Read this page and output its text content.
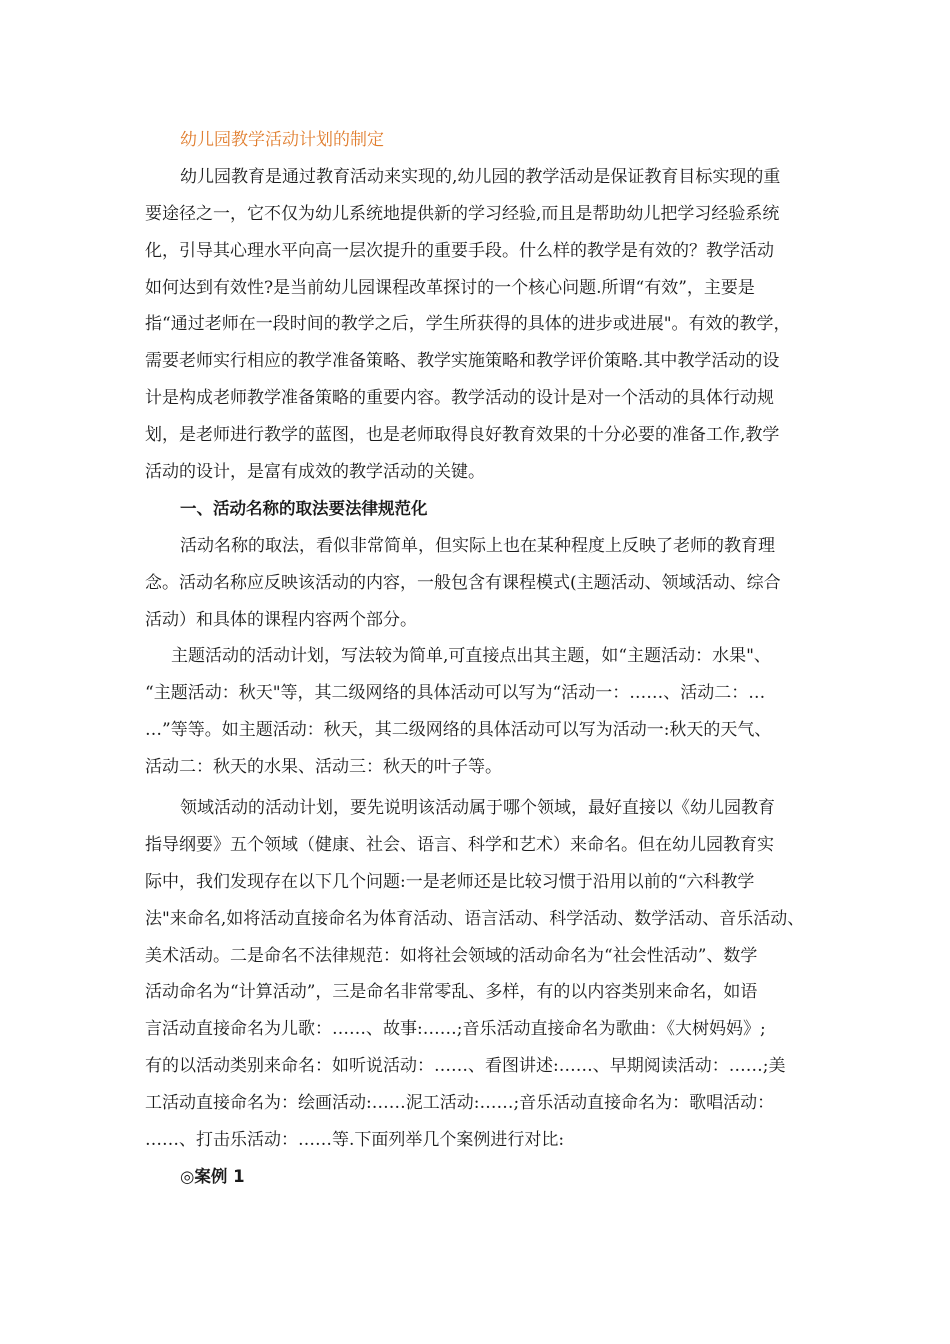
幼儿园教学活动计划的制定
幼儿园教育是通过教育活动来实现的,幼儿园的教学活动是保证教育目标实现的重
要途径之一，它不仅为幼儿系统地提供新的学习经验,而且是帮助幼儿把学习经验系统
化，引导其心理水平向高一层次提升的重要手段。什么样的教学是有效的？教学活动
如何达到有效性?是当前幼儿园课程改革探讨的一个核心问题.所谓“有效”，主要是
指“通过老师在一段时间的教学之后，学生所获得的具体的进步或进展"。有效的教学，
需要老师实行相应的教学准备策略、教学实施策略和教学评价策略.其中教学活动的设
计是构成老师教学准备策略的重要内容。教学活动的设计是对一个活动的具体行动规
划，是老师进行教学的蓝图，也是老师取得良好教育效果的十分必要的准备工作,教学
活动的设计，是富有成效的教学活动的关键。
一、活动名称的取法要法律规范化
活动名称的取法，看似非常简单，但实际上也在某种程度上反映了老师的教育理
念。活动名称应反映该活动的内容，一般包含有课程模式(主题活动、领域活动、综合
活动）和具体的课程内容两个部分。
主题活动的活动计划，写法较为简单,可直接点出其主题，如“主题活动：水果"、
“主题活动：秋天"等，其二级网络的具体活动可以写为“活动一：……、活动二：…
…”等等。如主题活动：秋天，其二级网络的具体活动可以写为活动一:秋天的天气、
活动二：秋天的水果、活动三：秋天的叶子等。
领域活动的活动计划，要先说明该活动属于哪个领域，最好直接以《幼儿园教育
指导纲要》五个领域（健康、社会、语言、科学和艺术）来命名。但在幼儿园教育实
际中，我们发现存在以下几个问题:一是老师还是比较习惯于沿用以前的“六科教学
法"来命名,如将活动直接命名为体育活动、语言活动、科学活动、数学活动、音乐活动、
美术活动。二是命名不法律规范：如将社会领域的活动命名为“社会性活动”、数学
活动命名为“计算活动”，三是命名非常零乱、多样，有的以内容类别来命名，如语
言活动直接命名为儿歌：……、故事:……;音乐活动直接命名为歌曲：《大树妈妈》;
有的以活动类别来命名：如听说活动：……、看图讲述:……、早期阅读活动：……;美
工活动直接命名为：绘画活动:……泥工活动:……;音乐活动直接命名为：歌唱活动：
……、打击乐活动：……等.下面列举几个案例进行对比:
◎案例 1
